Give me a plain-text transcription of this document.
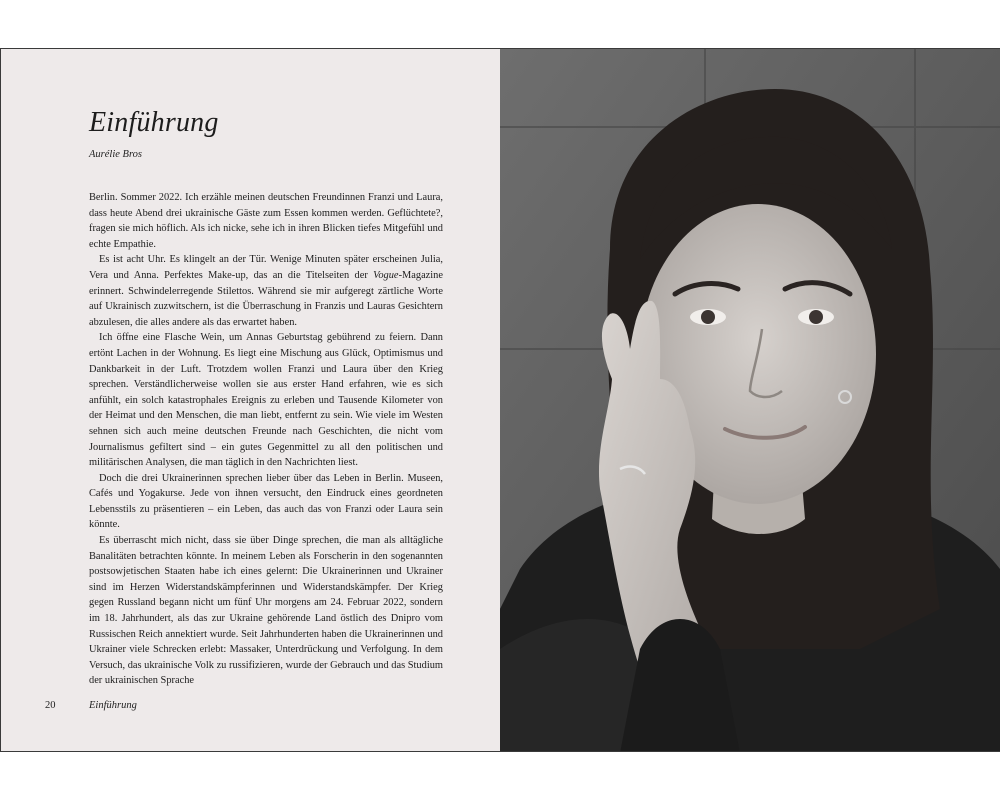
Einführung
Aurélie Bros

Berlin. Sommer 2022. Ich erzähle meinen deutschen Freundinnen Franzi und Laura, dass heute Abend drei ukrainische Gäste zum Essen kommen werden. Geflüchtete?, fragen sie mich höflich. Als ich nicke, sehe ich in ihren Blicken tiefes Mitgefühl und echte Empathie.

Es ist acht Uhr. Es klingelt an der Tür. Wenige Minuten später erscheinen Julia, Vera und Anna. Perfektes Make-up, das an die Titelseiten der Vogue-Magazine erinnert. Schwindelerregende Stilettos. Während sie mir aufgeregt zärtliche Worte auf Ukrainisch zuzwitschern, ist die Überraschung in Franzis und Lauras Gesichtern abzulesen, die alles andere als das erwartet haben.

Ich öffne eine Flasche Wein, um Annas Geburtstag gebührend zu feiern. Dann ertönt Lachen in der Wohnung. Es liegt eine Mischung aus Glück, Optimismus und Dankbarkeit in der Luft. Trotzdem wollen Franzi und Laura über den Krieg sprechen. Verständlicherweise wollen sie aus erster Hand erfahren, wie es sich anfühlt, ein solch katastrophales Ereignis zu erleben und Tausende Kilometer von der Heimat und den Menschen, die man liebt, entfernt zu sein. Wie viele im Westen sehnen sich auch meine deutschen Freunde nach Geschichten, die nicht vom Journalismus gefiltert sind – ein gutes Gegenmittel zu all den politischen und militärischen Analysen, die man täglich in den Nachrichten liest.

Doch die drei Ukrainerinnen sprechen lieber über das Leben in Berlin. Museen, Cafés und Yogakurse. Jede von ihnen versucht, den Eindruck eines geordneten Lebensstils zu präsentieren – ein Leben, das auch das von Franzi oder Laura sein könnte.

Es überrascht mich nicht, dass sie über Dinge sprechen, die man als alltägliche Banalitäten betrachten könnte. In meinem Leben als Forscherin in den sogenannten postsowjetischen Staaten habe ich eines gelernt: Die Ukrainerinnen und Ukrainer sind im Herzen Widerstandskämpferinnen und Widerstandskämpfer. Der Krieg gegen Russland begann nicht um fünf Uhr morgens am 24. Februar 2022, sondern im 18. Jahrhundert, als das zur Ukraine gehörende Land östlich des Dnipro vom Russischen Reich annektiert wurde. Seit Jahrhunderten haben die Ukrainerinnen und Ukrainer viele Schrecken erlebt: Massaker, Unterdrückung und Verfolgung. In dem Versuch, das ukrainische Volk zu russifizieren, wurde der Gebrauch und das Studium der ukrainischen Sprache

20	Einführung
